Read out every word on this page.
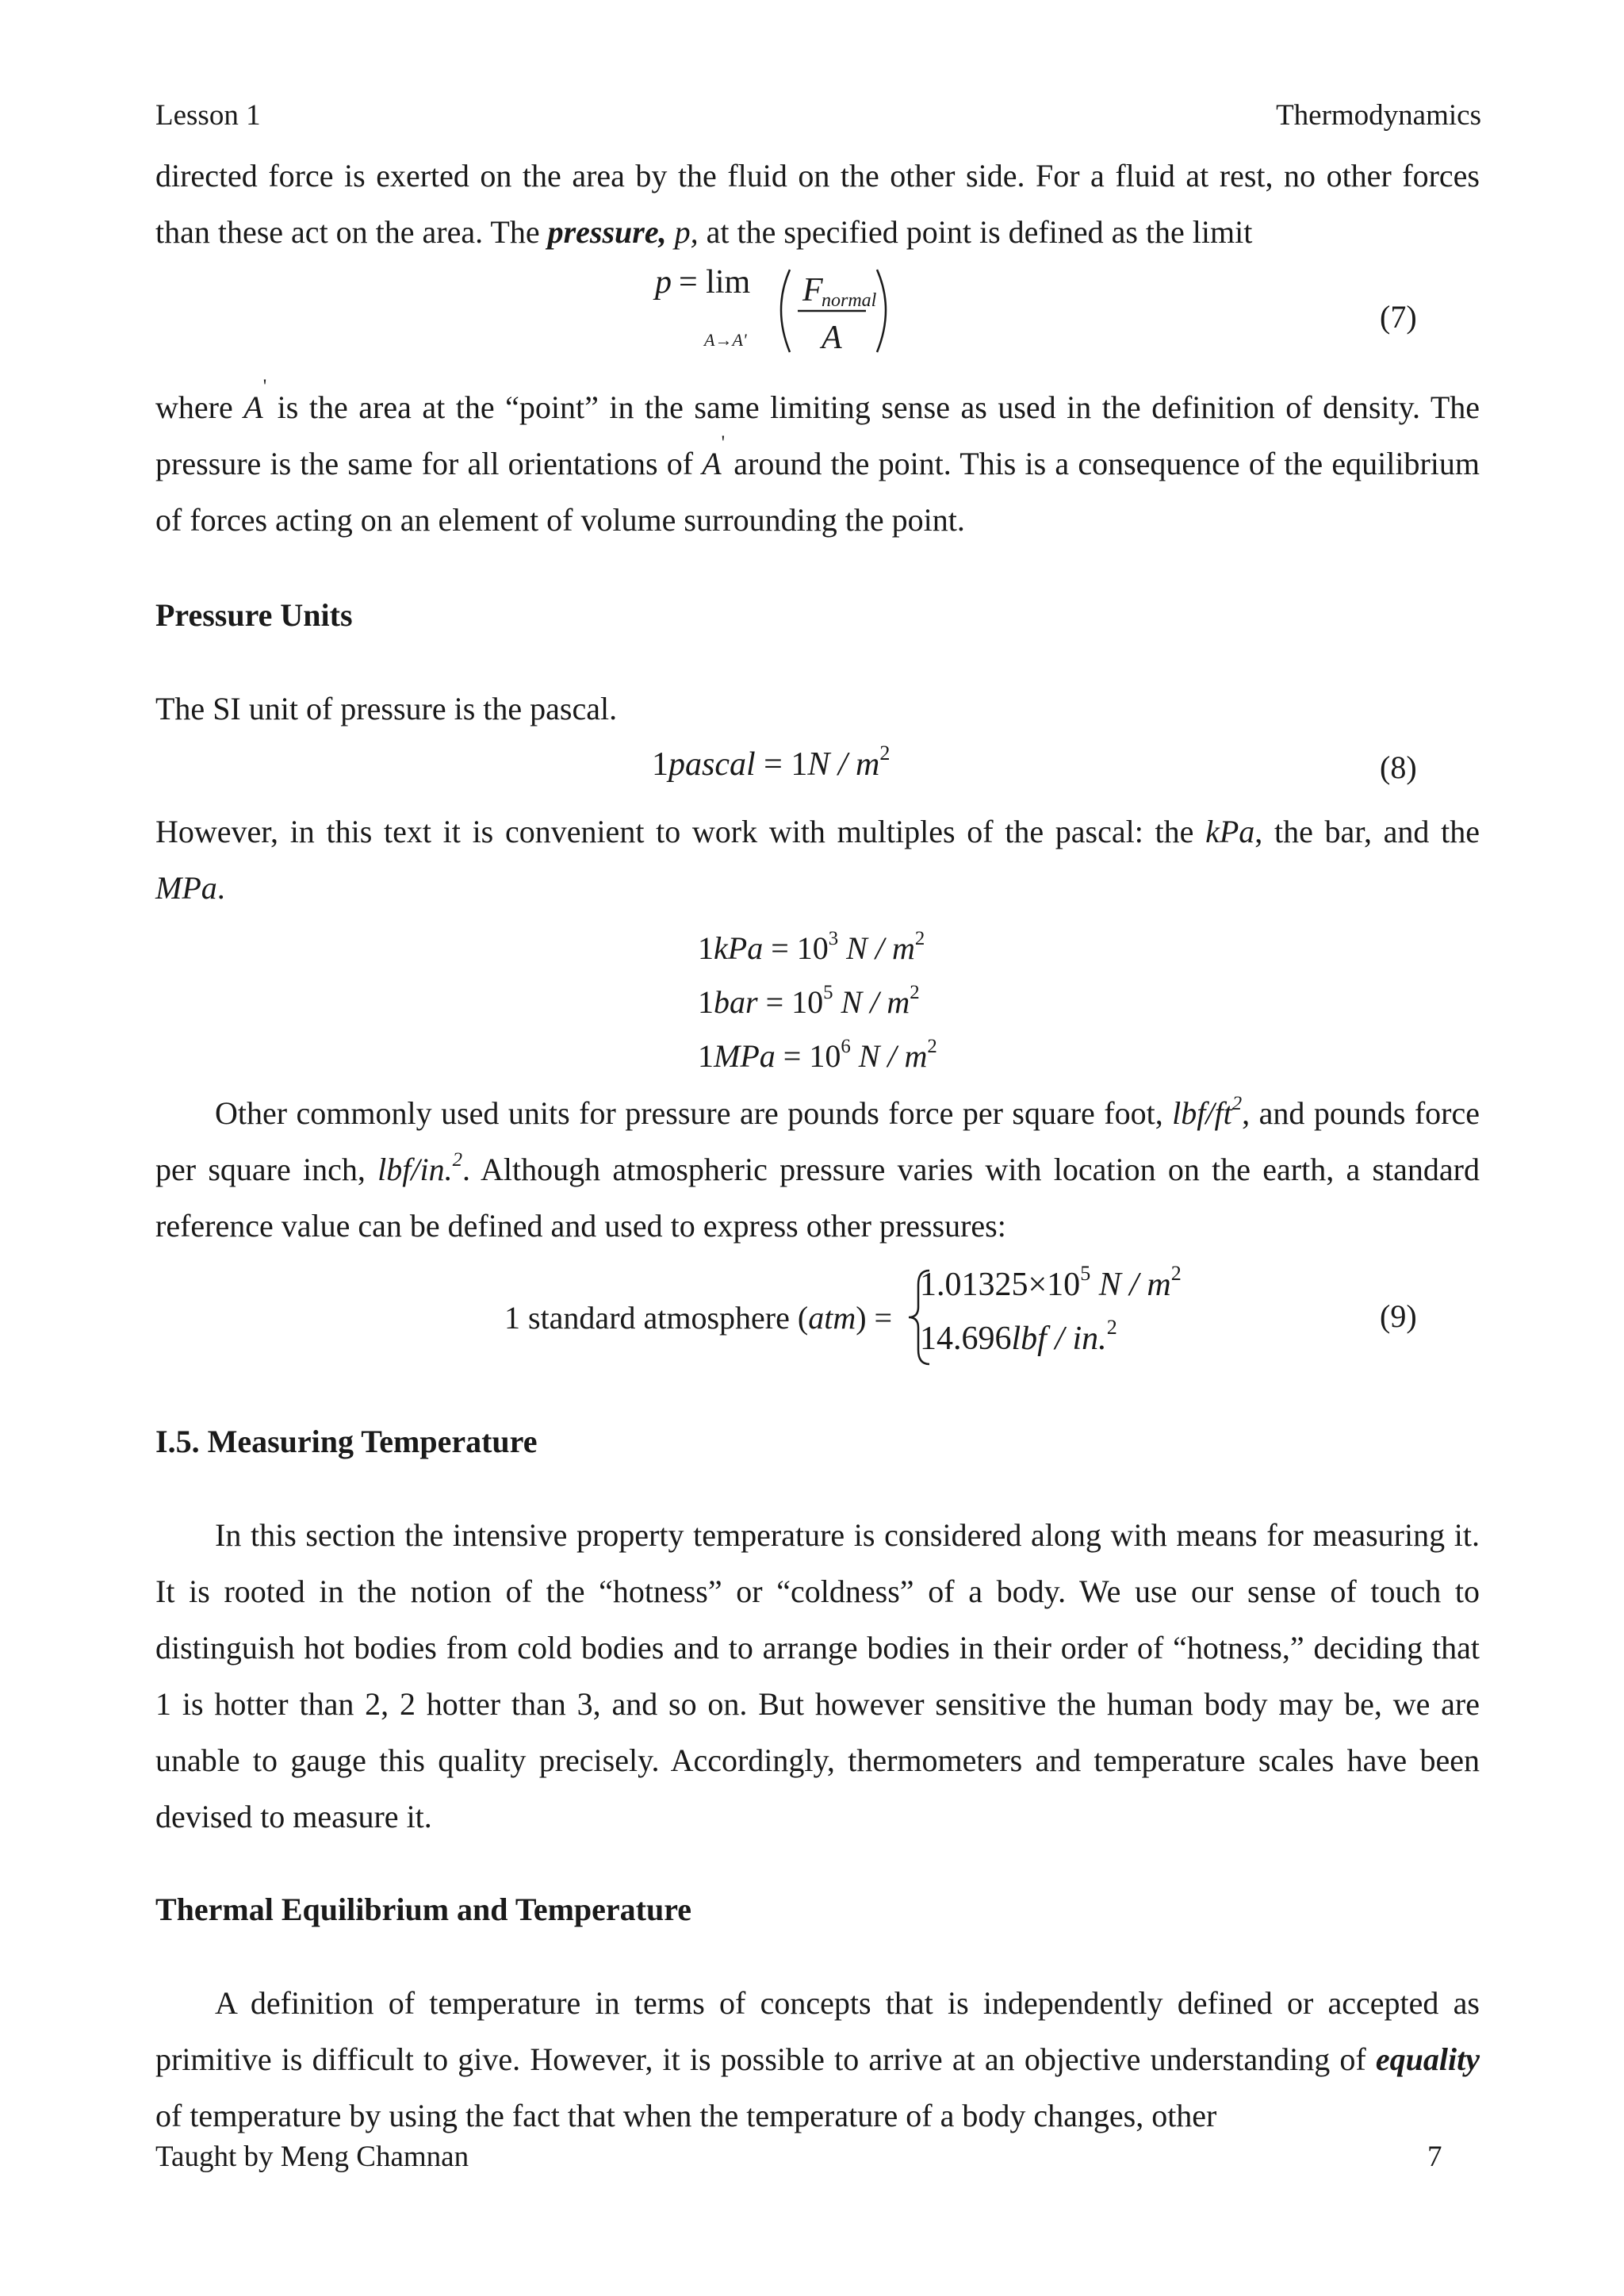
Lesson 1	Thermodynamics

directed force is exerted on the area by the fluid on the other side. For a fluid at rest, no other forces than these act on the area. The pressure, p, at the specified point is defined as the limit

p = lim
A→A'
F
normal
A
(7)

where A' is the area at the “point” in the same limiting sense as used in the definition of density. The pressure is the same for all orientations of A' around the point. This is a consequence of the equilibrium of forces acting on an element of volume surrounding the point.

Pressure Units

The SI unit of pressure is the pascal.

1pascal = $1N / m^2$	(8)

However, in this text it is convenient to work with multiples of the pascal: the kPa, the bar, and the MPa.

$1kPa = 10^3$ N / $m^2$
$1bar = 10^5$ N / $m^2$
$1MPa = 10^6$ N / $m^2$

Other commonly used units for pressure are pounds force per square foot, lbf/$ft^2$, and pounds force per square inch, lbf/in.$^2$. Although atmospheric pressure varies with location on the earth, a standard reference value can be defined and used to express other pressures:

1 standard atmosphere (atm) =
$1.01325\times 10^5$ N / $m^2$
14.696lbf / in.$^2$	(9)
I.5. Measuring Temperature

In this section the intensive property temperature is considered along with means for measuring it. It is rooted in the notion of the “hotness” or “coldness” of a body. We use our sense of touch to distinguish hot bodies from cold bodies and to arrange bodies in their order of “hotness,” deciding that 1 is hotter than 2, 2 hotter than 3, and so on. But however sensitive the human body may be, we are unable to gauge this quality precisely. Accordingly, thermometers and temperature scales have been devised to measure it.

Thermal Equilibrium and Temperature

A definition of temperature in terms of concepts that is independently defined or accepted as primitive is difficult to give. However, it is possible to arrive at an objective understanding of equality of temperature by using the fact that when the temperature of a body changes, other

Taught by Meng Chamnan	7
